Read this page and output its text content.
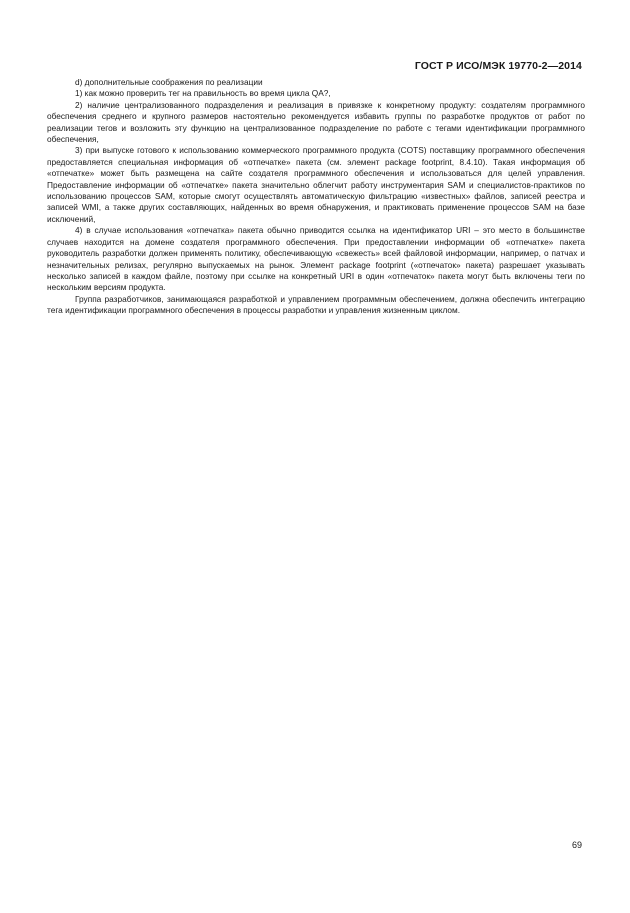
ГОСТ Р ИСО/МЭК 19770-2—2014

d) дополнительные соображения по реализации

1) как можно проверить тег на правильность во время цикла QA?,

2) наличие централизованного подразделения и реализация в привязке к конкретному продукту: создателям программного обеспечения среднего и крупного размеров настоятельно рекомендуется избавить группы по разработке продуктов от работ по реализации тегов и возложить эту функцию на централизованное подразделение по работе с тегами идентификации программного обеспечения,

3) при выпуске готового к использованию коммерческого программного продукта (COTS) поставщику программного обеспечения предоставляется специальная информация об «отпечатке» пакета (см. элемент package footprint, 8.4.10). Такая информация об «отпечатке» может быть размещена на сайте создателя программного обеспечения и использоваться для целей управления. Предоставление информации об «отпечатке» пакета значительно облегчит работу инструментария SAM и специалистов-практиков по использованию процессов SAM, которые смогут осуществлять автоматическую фильтрацию «известных» файлов, записей реестра и записей WMI, а также других составляющих, найденных во время обнаружения, и практиковать применение процессов SAM на базе исключений,

4) в случае использования «отпечатка» пакета обычно приводится ссылка на идентификатор URI – это место в большинстве случаев находится на домене создателя программного обеспечения. При предоставлении информации об «отпечатке» пакета руководитель разработки должен применять политику, обеспечивающую «свежесть» всей файловой информации, например, о патчах и незначительных релизах, регулярно выпускаемых на рынок. Элемент package footprint («отпечаток» пакета) разрешает указывать несколько записей в каждом файле, поэтому при ссылке на конкретный URI в один «отпечаток» пакета могут быть включены теги по нескольким версиям продукта.

Группа разработчиков, занимающаяся разработкой и управлением программным обеспечением, должна обеспечить интеграцию тега идентификации программного обеспечения в процессы разработки и управления жизненным циклом.

69
